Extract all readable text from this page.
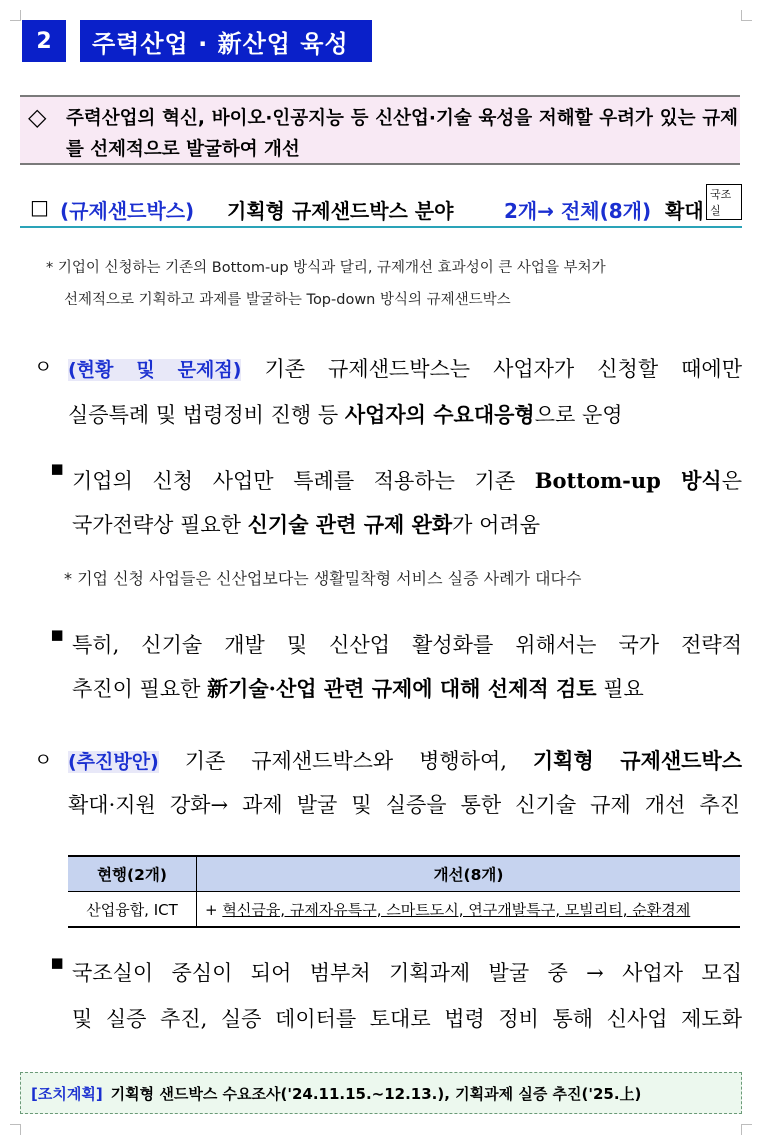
2	주력산업 · 新산업 육성
◇ 주력산업의 혁신, 바이오·인공지능 등 신산업·기술 육성을 저해할 우려가 있는 규제를 선제적으로 발굴하여 개선
□ (규제샌드박스) 기획형 규제샌드박스 분야	2개→ 전체(8개) 확대
국조실
* 기업이 신청하는 기존의 Bottom-up 방식과 달리, 규제개선 효과성이 큰 사업을 부처가
선제적으로 기획하고 과제를 발굴하는 Top-down 방식의 규제샌드박스
ㅇ (현황 및 문제점) 기존 규제샌드박스는 사업자가 신청할 때에만
실증특례 및 법령정비 진행 등 사업자의 수요대응형으로 운영
▪
기업의 신청 사업만 특례를 적용하는 기존 Bottom-up 방식은
국가전략상 필요한 신기술 관련 규제 완화가 어려움
* 기업 신청 사업들은 신산업보다는 생활밀착형 서비스 실증 사례가 대다수
▪ 특히, 신기술 개발 및 신산업 활성화를 위해서는 국가 전략적
추진이 필요한 新기술·산업 관련 규제에 대해 선제적 검토 필요
ㅇ (추진방안) 기존 규제샌드박스와 병행하여, 기획형 규제샌드박스
확대·지원 강화→ 과제 발굴 및 실증을 통한 신기술 규제 개선 추진
현행(2개)	개선(8개)
산업융합, ICT	+ 혁신금융, 규제자유특구, 스마트도시, 연구개발특구, 모빌리티, 순환경제
▪ 국조실이 중심이 되어 범부처 기획과제 발굴 중 → 사업자 모집
및 실증 추진, 실증 데이터를 토대로 법령 정비 통해 신사업 제도화
[조치계획] 기획형 샌드박스 수요조사('24.11.15.∼12.13.), 기획과제 실증 추진('25.上)
